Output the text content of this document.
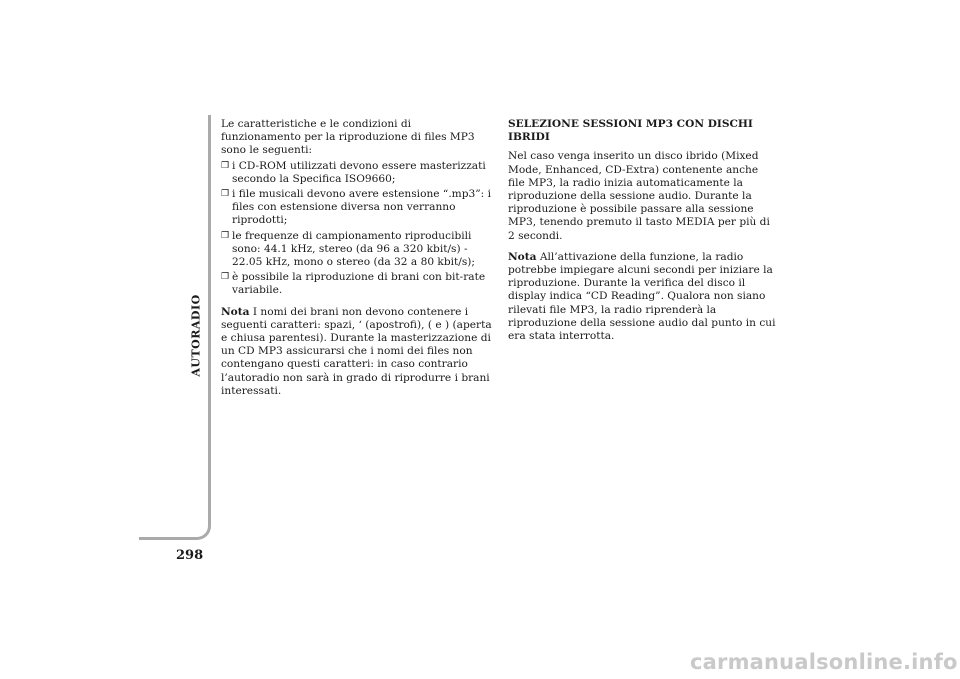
AUTORADIO
298

Le caratteristiche e le condizioni di funzionamento per la riproduzione di files MP3 sono le seguenti:

❒ i CD-ROM utilizzati devono essere masterizzati secondo la Specifica ISO9660;
❒ i file musicali devono avere estensione “.mp3”: i files con estensione diversa non verranno riprodotti;
❒ le frequenze di campionamento riproducibili sono: 44.1 kHz, stereo (da 96 a 320 kbit/s) - 22.05 kHz, mono o stereo (da 32 a 80 kbit/s);
❒ è possibile la riproduzione di brani con bit-rate variabile.

Nota I nomi dei brani non devono contenere i seguenti caratteri: spazi, ‘ (apostrofi), ( e ) (aperta e chiusa parentesi). Durante la masterizzazione di un CD MP3 assicurarsi che i nomi dei files non contengano questi caratteri: in caso contrario l’autoradio non sarà in grado di riprodurre i brani interessati.

SELEZIONE SESSIONI MP3 CON DISCHI IBRIDI

Nel caso venga inserito un disco ibrido (Mixed Mode, Enhanced, CD-Extra) contenente anche file MP3, la radio inizia automaticamente la riproduzione della sessione audio. Durante la riproduzione è possibile passare alla sessione MP3, tenendo premuto il tasto MEDIA per più di 2 secondi.

Nota All’attivazione della funzione, la radio potrebbe impiegare alcuni secondi per iniziare la riproduzione. Durante la verifica del disco il display indica “CD Reading”. Qualora non siano rilevati file MP3, la radio riprenderà la riproduzione della sessione audio dal punto in cui era stata interrotta.

carmanualsonline.info
